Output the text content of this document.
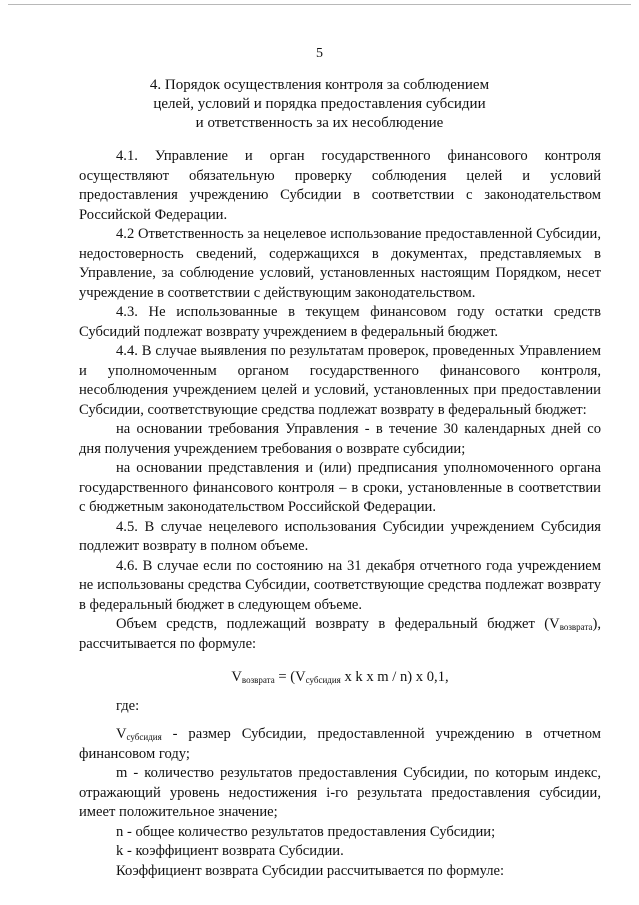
5
4. Порядок осуществления контроля за соблюдением
целей, условий и порядка предоставления субсидии
и ответственность за их несоблюдение

4.1. Управление и орган государственного финансового контроля осуществляют обязательную проверку соблюдения целей и условий предоставления учреждению Субсидии в соответствии с законодательством Российской Федерации.

4.2 Ответственность за нецелевое использование предоставленной Субсидии, недостоверность сведений, содержащихся в документах, представляемых в Управление, за соблюдение условий, установленных настоящим Порядком, несет учреждение в соответствии с действующим законодательством.

4.3. Не использованные в текущем финансовом году остатки средств Субсидий подлежат возврату учреждением в федеральный бюджет.

4.4. В случае выявления по результатам проверок, проведенных Управлением и уполномоченным органом государственного финансового контроля, несоблюдения учреждением целей и условий, установленных при предоставлении Субсидии, соответствующие средства подлежат возврату в федеральный бюджет:

на основании требования Управления - в течение 30 календарных дней со дня получения учреждением требования о возврате субсидии;

на основании представления и (или) предписания уполномоченного органа государственного финансового контроля – в сроки, установленные в соответствии с бюджетным законодательством Российской Федерации.

4.5. В случае нецелевого использования Субсидии учреждением Субсидия подлежит возврату в полном объеме.

4.6. В случае если по состоянию на 31 декабря отчетного года учреждением не использованы средства Субсидии, соответствующие средства подлежат возврату в федеральный бюджет в следующем объеме.

Объем средств, подлежащий возврату в федеральный бюджет $(V_{возврата})$, рассчитывается по формуле:

$V_{возврата} = (V_{субсидия}$ x k x m / n) x 0,1,

где:

$V_{субсидия}$ - размер Субсидии, предоставленной учреждению в отчетном финансовом году;

m - количество результатов предоставления Субсидии, по которым индекс, отражающий уровень недостижения i-го результата предоставления субсидии, имеет положительное значение;

n - общее количество результатов предоставления Субсидии;

k - коэффициент возврата Субсидии.

Коэффициент возврата Субсидии рассчитывается по формуле:
